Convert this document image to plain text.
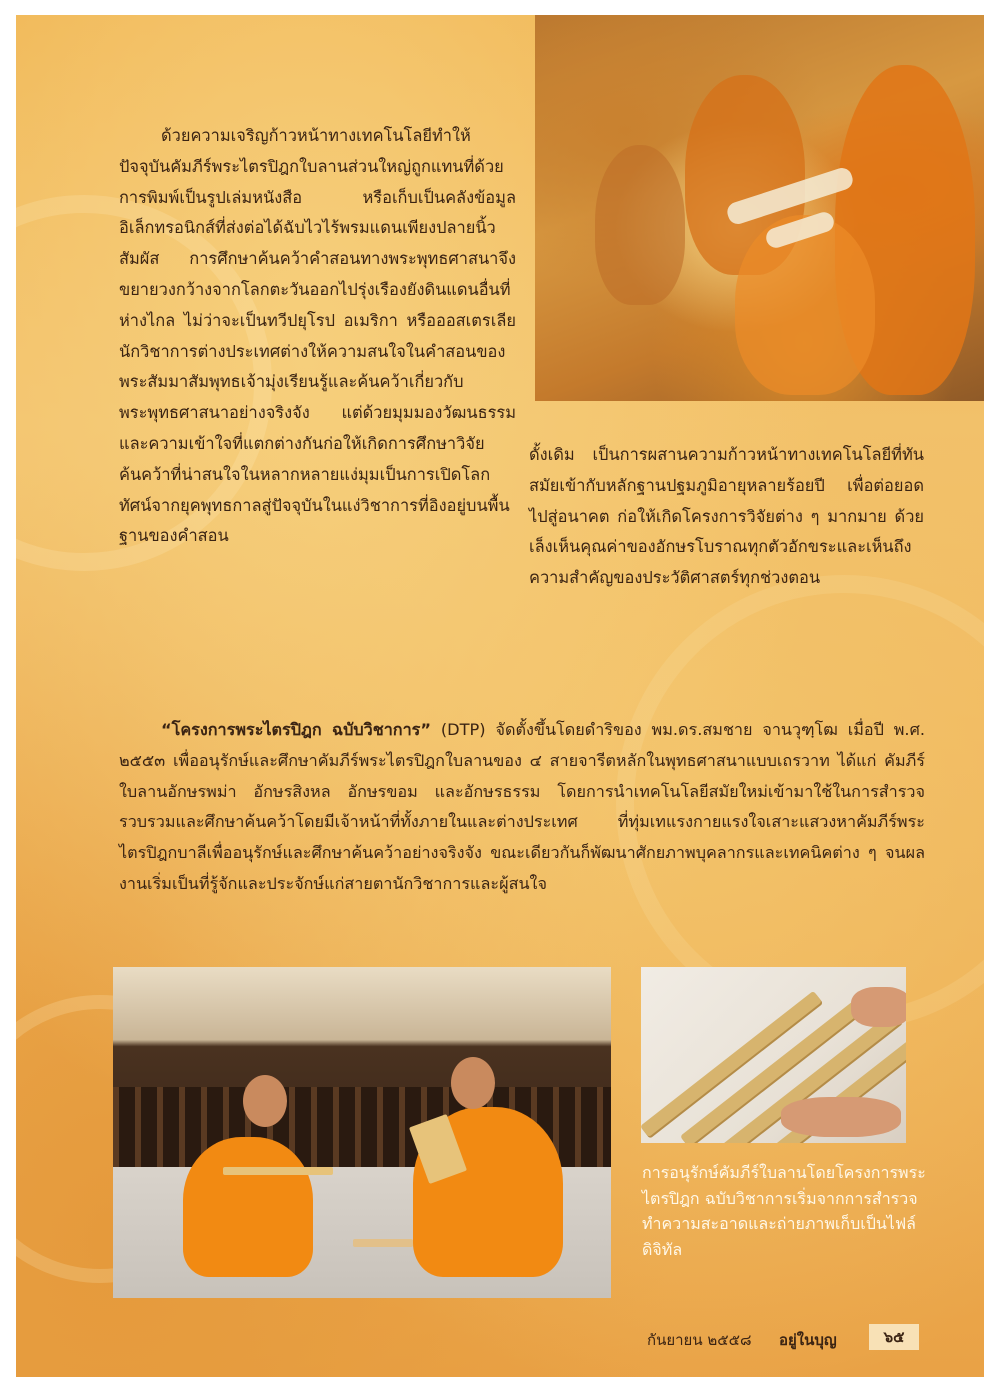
ด้วยความเจริญก้าวหน้าทางเทคโนโลยีทำให้ปัจจุบันคัมภีร์พระไตรปิฎกใบลานส่วนใหญ่ถูกแทนที่ด้วยการพิมพ์เป็นรูปเล่มหนังสือ หรือเก็บเป็นคลังข้อมูลอิเล็กทรอนิกส์ที่ส่งต่อได้ฉับไวไร้พรมแดนเพียงปลายนิ้วสัมผัส การศึกษาค้นคว้าคำสอนทางพระพุทธศาสนาจึงขยายวงกว้างจากโลกตะวันออกไปรุ่งเรืองยังดินแดนอื่นที่ห่างไกล ไม่ว่าจะเป็นทวีปยุโรป อเมริกา หรือออสเตรเลีย นักวิชาการต่างประเทศต่างให้ความสนใจในคำสอนของพระสัมมาสัมพุทธเจ้ามุ่งเรียนรู้และค้นคว้าเกี่ยวกับพระพุทธศาสนาอย่างจริงจัง แต่ด้วยมุมมองวัฒนธรรมและความเข้าใจที่แตกต่างกันก่อให้เกิดการศึกษาวิจัยค้นคว้าที่น่าสนใจในหลากหลายแง่มุมเป็นการเปิดโลกทัศน์จากยุคพุทธกาลสู่ปัจจุบันในแง่วิชาการที่อิงอยู่บนพื้นฐานของคำสอน

ดั้งเดิม เป็นการผสานความก้าวหน้าทางเทคโนโลยีที่ทันสมัยเข้ากับหลักฐานปฐมภูมิอายุหลายร้อยปี เพื่อต่อยอดไปสู่อนาคต ก่อให้เกิดโครงการวิจัยต่าง ๆ มากมาย ด้วยเล็งเห็นคุณค่าของอักษรโบราณทุกตัวอักขระและเห็นถึงความสำคัญของประวัติศาสตร์ทุกช่วงตอน

“โครงการพระไตรปิฎก ฉบับวิชาการ” (DTP) จัดตั้งขึ้นโดยดำริของ พม.ดร.สมชาย จานวุฑฺโฒ เมื่อปี พ.ศ. ๒๕๕๓ เพื่ออนุรักษ์และศึกษาคัมภีร์พระไตรปิฎกใบลานของ ๔ สายจารีตหลักในพุทธศาสนาแบบเถรวาท ได้แก่ คัมภีร์ใบลานอักษรพม่า อักษรสิงหล อักษรขอม และอักษรธรรม โดยการนำเทคโนโลยีสมัยใหม่เข้ามาใช้ในการสำรวจรวบรวมและศึกษาค้นคว้าโดยมีเจ้าหน้าที่ทั้งภายในและต่างประเทศ ที่ทุ่มเทแรงกายแรงใจเสาะแสวงหาคัมภีร์พระไตรปิฎกบาลีเพื่ออนุรักษ์และศึกษาค้นคว้าอย่างจริงจัง ขณะเดียวกันก็พัฒนาศักยภาพบุคลากรและเทคนิคต่าง ๆ จนผลงานเริ่มเป็นที่รู้จักและประจักษ์แก่สายตานักวิชาการและผู้สนใจ

การอนุรักษ์คัมภีร์ใบลานโดยโครงการพระไตรปิฎก ฉบับวิชาการเริ่มจากการสำรวจ ทำความสะอาดและถ่ายภาพเก็บเป็นไฟล์ดิจิทัล
กันยายน ๒๕๕๘ อยู่ในบุญ	๖๕
